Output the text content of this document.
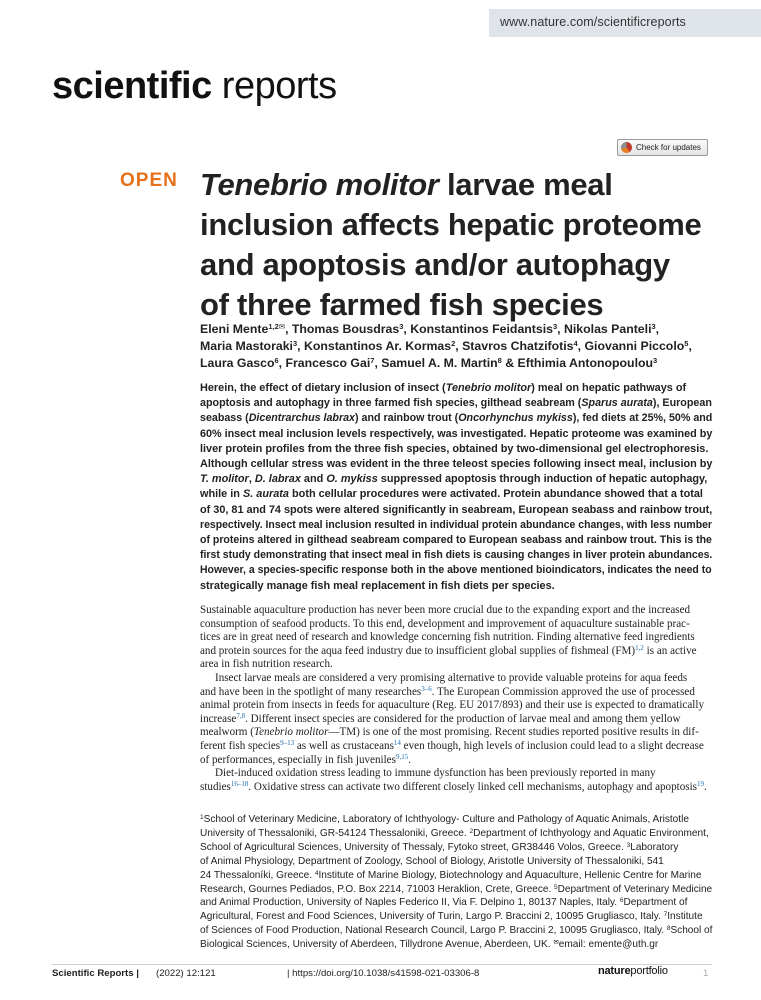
www.nature.com/scientificreports
scientific reports
Check for updates
OPEN Tenebrio molitor larvae meal
inclusion affects hepatic proteome
and apoptosis and/or autophagy
of three farmed fish species
Eleni Mente$^{1,2✉}$, Thomas Bousdras$^3$, Konstantinos Feidantsis$^3$, Nikolas Panteli$^3$,
Maria Mastoraki$^3$, Konstantinos Ar. Kormas$^2$, Stavros Chatzifotis$^4$, Giovanni Piccolo$^5$,
Laura Gasco$^6$, Francesco Gai$^7$, Samuel A. M. Martin$^8$ & Efthimia Antonopoulou$^3$
Herein, the effect of dietary inclusion of insect (Tenebrio molitor) meal on hepatic pathways of
apoptosis and autophagy in three farmed fish species, gilthead seabream (Sparus aurata), European
seabass (Dicentrarchus labrax) and rainbow trout (Oncorhynchus mykiss), fed diets at 25%, 50% and
60% insect meal inclusion levels respectively, was investigated. Hepatic proteome was examined by
liver protein profiles from the three fish species, obtained by two-dimensional gel electrophoresis.
Although cellular stress was evident in the three teleost species following insect meal, inclusion by
T. molitor, D. labrax and O. mykiss suppressed apoptosis through induction of hepatic autophagy,
while in S. aurata both cellular procedures were activated. Protein abundance showed that a total
of 30, 81 and 74 spots were altered significantly in seabream, European seabass and rainbow trout,
respectively. Insect meal inclusion resulted in individual protein abundance changes, with less number
of proteins altered in gilthead seabream compared to European seabass and rainbow trout. This is the
first study demonstrating that insect meal in fish diets is causing changes in liver protein abundances.
However, a species-specific response both in the above mentioned bioindicators, indicates the need to
strategically manage fish meal replacement in fish diets per species.
Sustainable aquaculture production has never been more crucial due to the expanding export and the increased
consumption of seafood products. To this end, development and improvement of aquaculture sustainable prac-
tices are in great need of research and knowledge concerning fish nutrition. Finding alternative feed ingredients
and protein sources for the aqua feed industry due to insufficient global supplies of fishmeal (FM)$^{1,2}$ is an active
area in fish nutrition research.
Insect larvae meals are considered a very promising alternative to provide valuable proteins for aqua feeds
and have been in the spotlight of many researches$^{3-6}$. The European Commission approved the use of processed
animal protein from insects in feeds for aquaculture (Reg. EU 2017/893) and their use is expected to dramatically
increase$^{7,8}$. Different insect species are considered for the production of larvae meal and among them yellow
mealworm (Tenebrio molitor—TM) is one of the most promising. Recent studies reported positive results in dif-
ferent fish species$^{9-13}$ as well as crustaceans$^{14}$ even though, high levels of inclusion could lead to a slight decrease
of performances, especially in fish juveniles$^{9,15}$.
Diet-induced oxidation stress leading to immune dysfunction has been previously reported in many
studies$^{16-18}$. Oxidative stress can activate two different closely linked cell mechanisms, autophagy and apoptosis$^{19}$.
$^1$School of Veterinary Medicine, Laboratory of Ichthyology- Culture and Pathology of Aquatic Animals, Aristotle
University of Thessaloniki, GR-54124 Thessaloniki, Greece. $^2$Department of Ichthyology and Aquatic Environment,
School of Agricultural Sciences, University of Thessaly, Fytoko street, GR38446 Volos, Greece. $^3$Laboratory
of Animal Physiology, Department of Zoology, School of Biology, Aristotle University of Thessaloniki, 541
24 Thessaloníki, Greece. $^4$Institute of Marine Biology, Biotechnology and Aquaculture, Hellenic Centre for Marine
Research, Gournes Pediados, P.O. Box 2214, 71003 Heraklion, Crete, Greece. $^5$Department of Veterinary Medicine
and Animal Production, University of Naples Federico II, Via F. Delpino 1, 80137 Naples, Italy. $^6$Department of
Agricultural, Forest and Food Sciences, University of Turin, Largo P. Braccini 2, 10095 Grugliasco, Italy. $^7$Institute
of Sciences of Food Production, National Research Council, Largo P. Braccini 2, 10095 Grugliasco, Italy. $^8$School of
Biological Sciences, University of Aberdeen, Tillydrone Avenue, Aberdeen, UK. ✉email: emente@uth.gr
Scientific Reports | (2022) 12:121	| https://doi.org/10.1038/s41598-021-03306-8	natureportfolio	1
